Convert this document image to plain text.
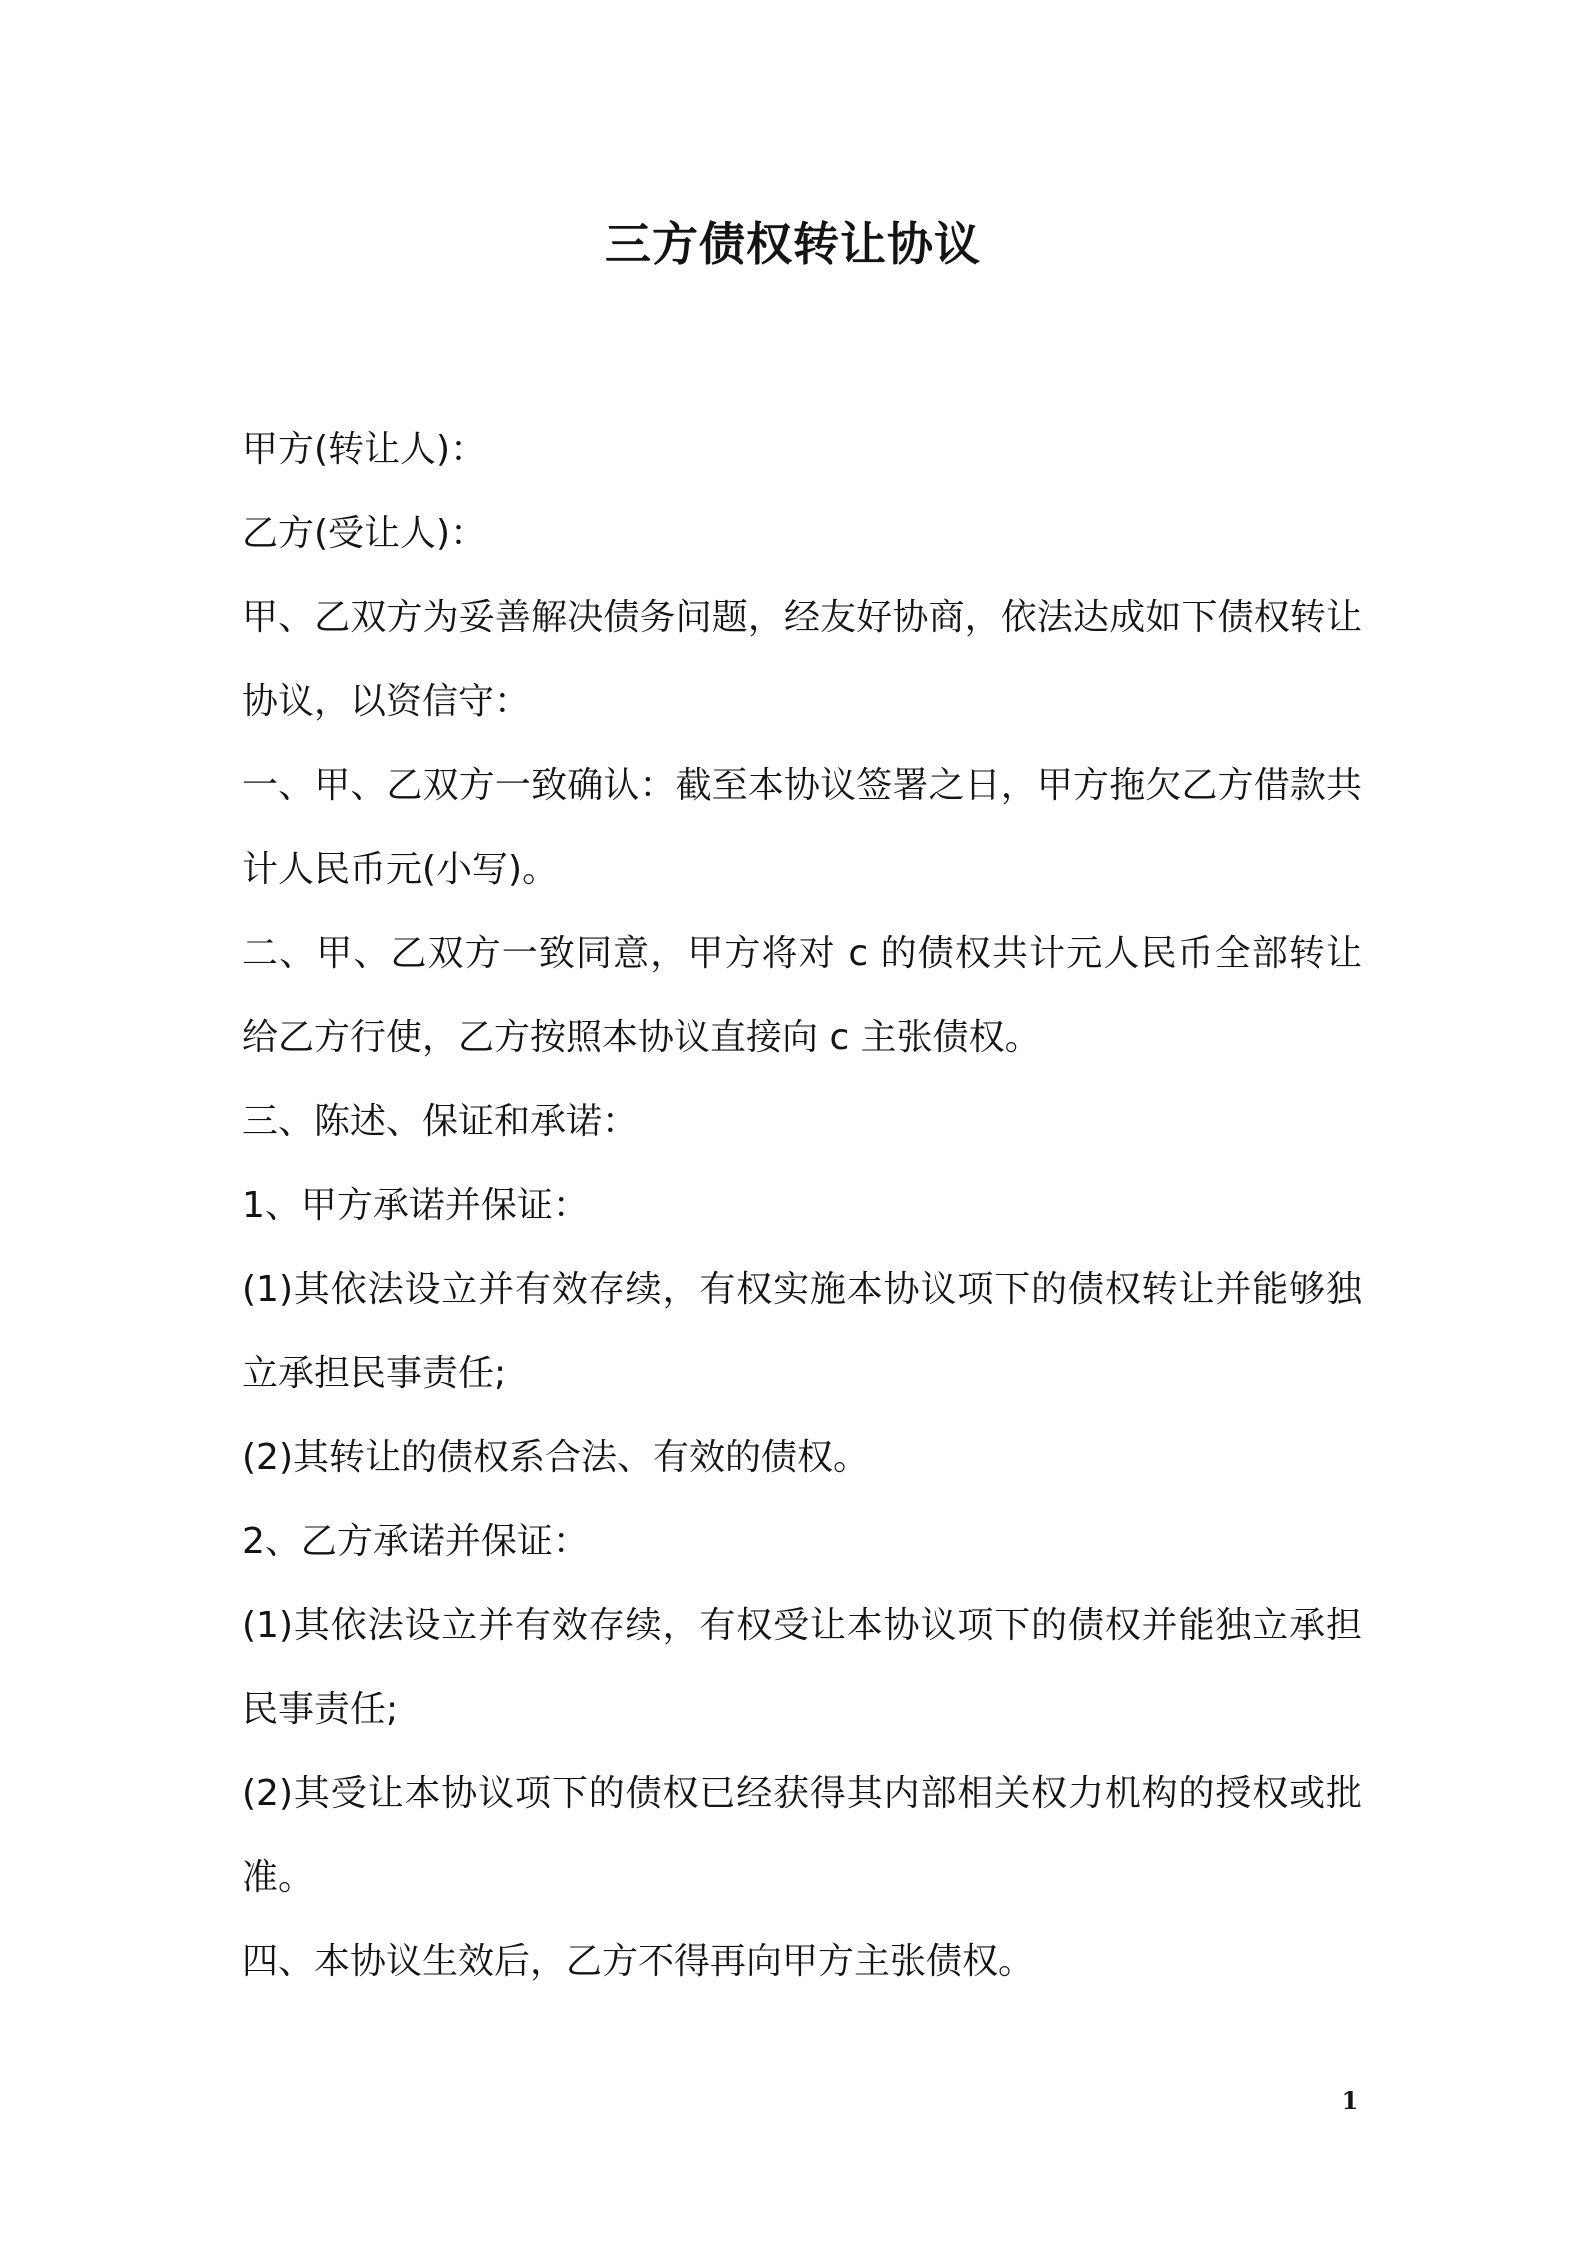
三方债权转让协议

甲方(转让人)：

乙方(受让人)：

甲、乙双方为妥善解决债务问题，经友好协商，依法达成如下债权转让协议，以资信守：

一、甲、乙双方一致确认：截至本协议签署之日，甲方拖欠乙方借款共计人民币元(小写)。

二、甲、乙双方一致同意，甲方将对 c 的债权共计元人民币全部转让给乙方行使，乙方按照本协议直接向 c 主张债权。

三、陈述、保证和承诺：

1、甲方承诺并保证：

(1)其依法设立并有效存续，有权实施本协议项下的债权转让并能够独立承担民事责任;

(2)其转让的债权系合法、有效的债权。

2、乙方承诺并保证：

(1)其依法设立并有效存续，有权受让本协议项下的债权并能独立承担民事责任;

(2)其受让本协议项下的债权已经获得其内部相关权力机构的授权或批准。

四、本协议生效后，乙方不得再向甲方主张债权。

1
